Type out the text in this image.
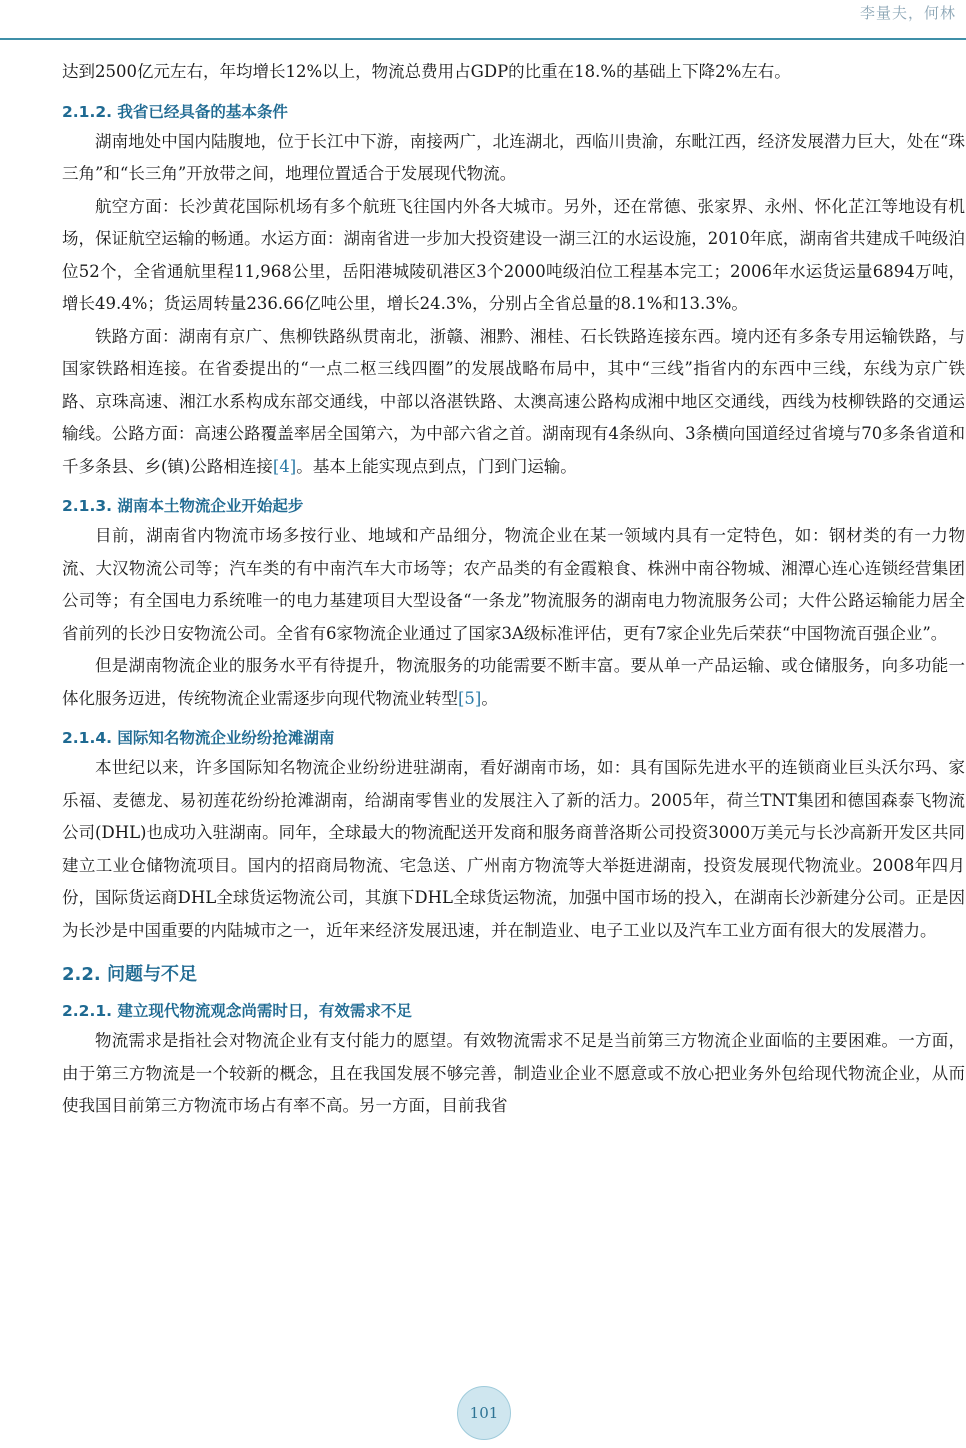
李量夫，何林

达到2500亿元左右，年均增长12%以上，物流总费用占GDP的比重在18.%的基础上下降2%左右。

2.1.2. 我省已经具备的基本条件

湖南地处中国内陆腹地，位于长江中下游，南接两广，北连湖北，西临川贵渝，东毗江西，经济发展潜力巨大，处在“珠三角”和“长三角”开放带之间，地理位置适合于发展现代物流。

航空方面：长沙黄花国际机场有多个航班飞往国内外各大城市。另外，还在常德、张家界、永州、怀化芷江等地设有机场，保证航空运输的畅通。水运方面：湖南省进一步加大投资建设一湖三江的水运设施，2010年底，湖南省共建成千吨级泊位52个，全省通航里程11,968公里，岳阳港城陵矶港区3个2000吨级泊位工程基本完工；2006年水运货运量6894万吨，增长49.4%；货运周转量236.66亿吨公里，增长24.3%，分别占全省总量的8.1%和13.3%。

铁路方面：湖南有京广、焦柳铁路纵贯南北，浙赣、湘黔、湘桂、石长铁路连接东西。境内还有多条专用运输铁路，与国家铁路相连接。在省委提出的“一点二枢三线四圈”的发展战略布局中，其中“三线”指省内的东西中三线，东线为京广铁路、京珠高速、湘江水系构成东部交通线，中部以洛湛铁路、太澳高速公路构成湘中地区交通线，西线为枝柳铁路的交通运输线。公路方面：高速公路覆盖率居全国第六，为中部六省之首。湖南现有4条纵向、3条横向国道经过省境与70多条省道和千多条县、乡(镇)公路相连接[4]。基本上能实现点到点，门到门运输。

2.1.3. 湖南本土物流企业开始起步

目前，湖南省内物流市场多按行业、地域和产品细分，物流企业在某一领域内具有一定特色，如：钢材类的有一力物流、大汉物流公司等；汽车类的有中南汽车大市场等；农产品类的有金霞粮食、株洲中南谷物城、湘潭心连心连锁经营集团公司等；有全国电力系统唯一的电力基建项目大型设备“一条龙”物流服务的湖南电力物流服务公司；大件公路运输能力居全省前列的长沙日安物流公司。全省有6家物流企业通过了国家3A级标准评估，更有7家企业先后荣获“中国物流百强企业”。

但是湖南物流企业的服务水平有待提升，物流服务的功能需要不断丰富。要从单一产品运输、或仓储服务，向多功能一体化服务迈进，传统物流企业需逐步向现代物流业转型[5]。

2.1.4. 国际知名物流企业纷纷抢滩湖南

本世纪以来，许多国际知名物流企业纷纷进驻湖南，看好湖南市场，如：具有国际先进水平的连锁商业巨头沃尔玛、家乐福、麦德龙、易初莲花纷纷抢滩湖南，给湖南零售业的发展注入了新的活力。2005年，荷兰TNT集团和德国森泰飞物流公司(DHL)也成功入驻湖南。同年，全球最大的物流配送开发商和服务商普洛斯公司投资3000万美元与长沙高新开发区共同建立工业仓储物流项目。国内的招商局物流、宅急送、广州南方物流等大举挺进湖南，投资发展现代物流业。2008年四月份，国际货运商DHL全球货运物流公司，其旗下DHL全球货运物流，加强中国市场的投入，在湖南长沙新建分公司。正是因为长沙是中国重要的内陆城市之一，近年来经济发展迅速，并在制造业、电子工业以及汽车工业方面有很大的发展潜力。

2.2. 问题与不足
2.2.1. 建立现代物流观念尚需时日，有效需求不足

物流需求是指社会对物流企业有支付能力的愿望。有效物流需求不足是当前第三方物流企业面临的主要困难。一方面，由于第三方物流是一个较新的概念，且在我国发展不够完善，制造业企业不愿意或不放心把业务外包给现代物流企业，从而使我国目前第三方物流市场占有率不高。另一方面，目前我省

101
